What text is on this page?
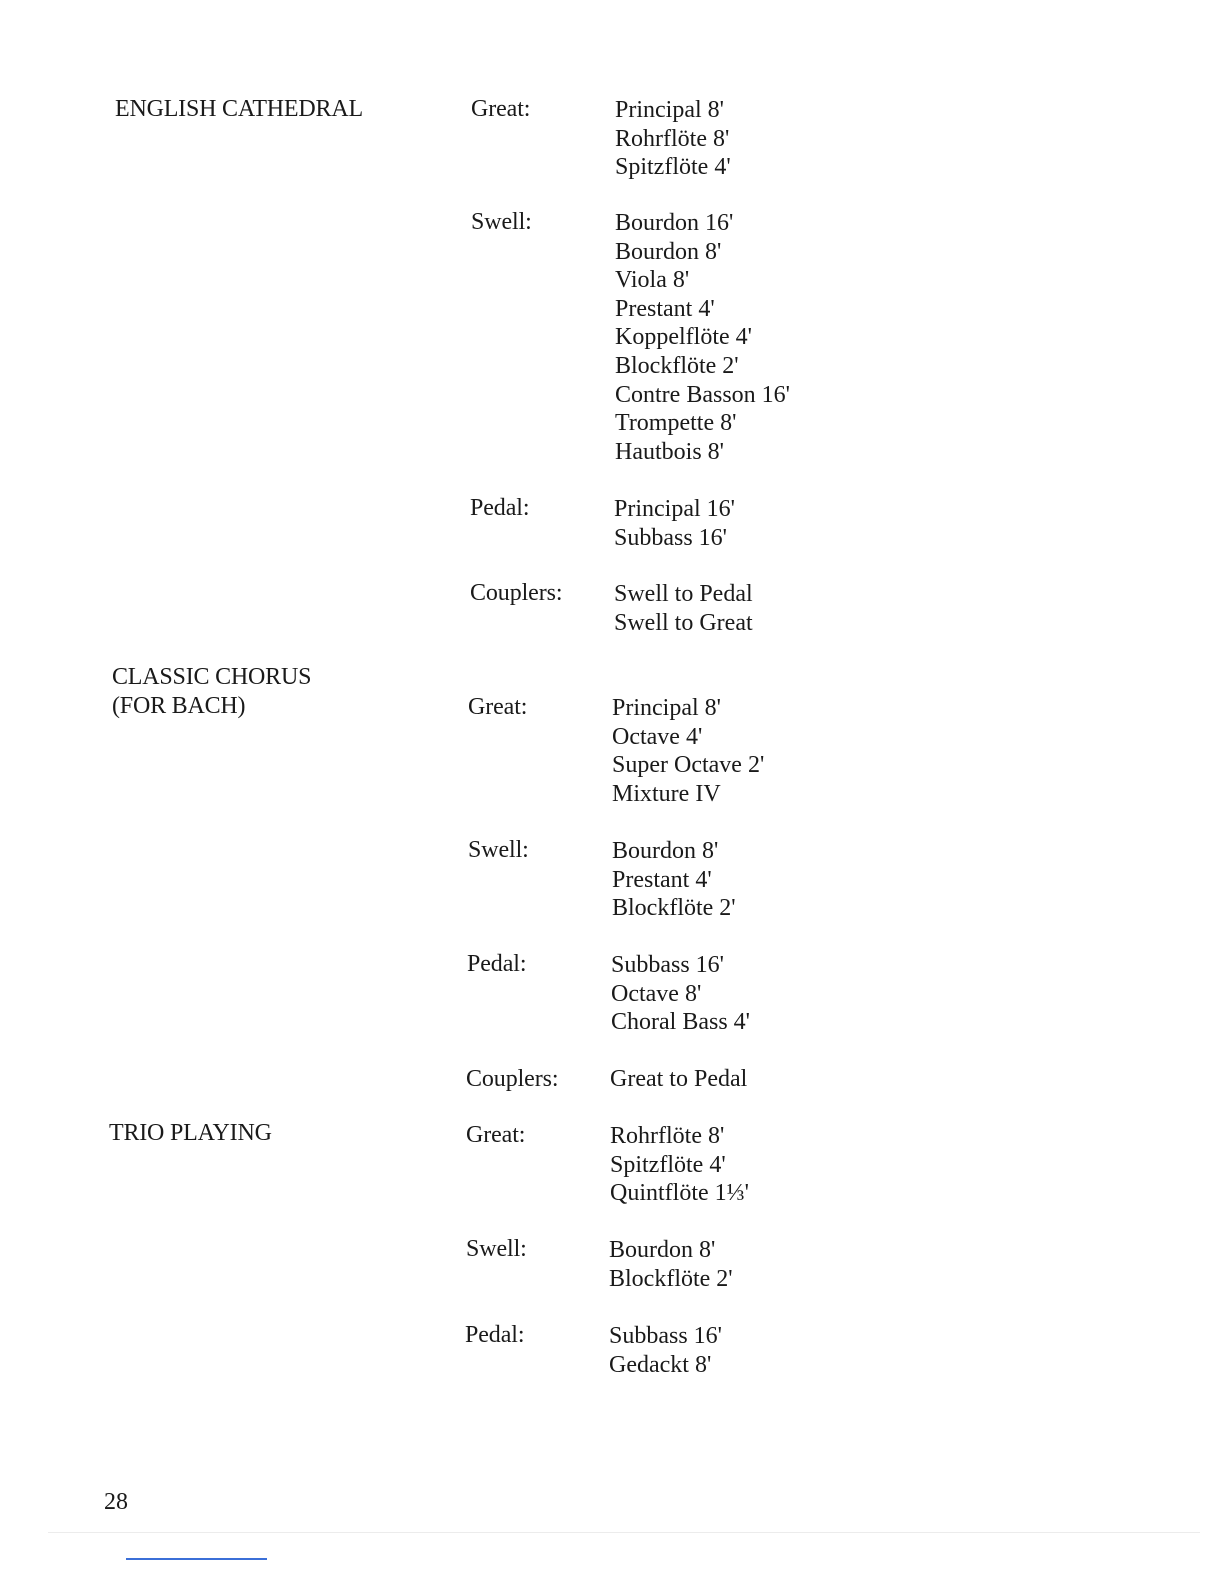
ENGLISH CATHEDRAL	Great:	Principal 8'
Rohrflöte 8'
Spitzflöte 4'
Swell:	Bourdon 16'
Bourdon 8'
Viola 8'
Prestant 4'
Koppelflöte 4'
Blockflöte 2'
Contre Basson 16'
Trompette 8'
Hautbois 8'
Pedal:	Principal 16'
Subbass 16'
Couplers: Swell to Pedal
Swell to Great
CLASSIC CHORUS
(FOR BACH)	Great:	Principal 8'
Octave 4'
Super Octave 2'
Mixture IV
Swell:	Bourdon 8'
Prestant 4'
Blockflöte 2'
Pedal:	Subbass 16'
Octave 8'
Choral Bass 4'
Couplers: Great to Pedal
TRIO PLAYING	Great:	Rohrflöte 8'
Spitzflöte 4'
Quintflöte 1⅓'
Swell:	Bourdon 8'
Blockflöte 2'
Pedal:	Subbass 16'
Gedackt 8'
28
